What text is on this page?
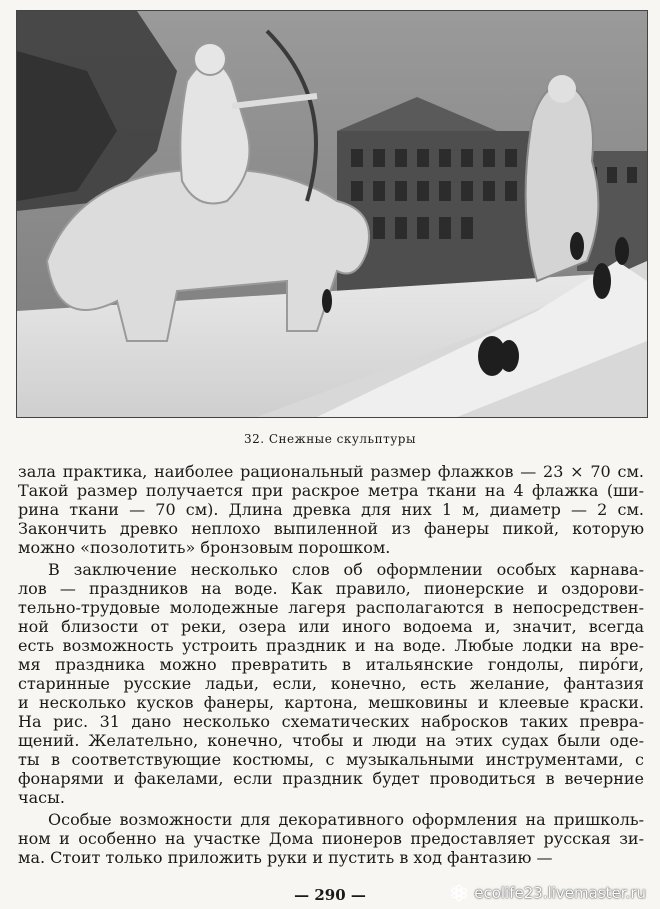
32. Снежные скульптуры
зала практика, наиболее рациональный размер флажков — 23 × 70 см.
Такой размер получается при раскрое метра ткани на 4 флажка (ши-
рина ткани — 70 см). Длина древка для них 1 м, диаметр — 2 см.
Закончить древко неплохо выпиленной из фанеры пикой, которую
можно «позолотить» бронзовым порошком.
В заключение несколько слов об оформлении особых карнава-
лов — праздников на воде. Как правило, пионерские и оздорови-
тельно-трудовые молодежные лагеря располагаются в непосредствен-
ной близости от реки, озера или иного водоема и, значит, всегда
есть возможность устроить праздник и на воде. Любые лодки на вре-
мя праздника можно превратить в итальянские гондолы, пиро́ги,
старинные русские ладьи, если, конечно, есть желание, фантазия
и несколько кусков фанеры, картона, мешковины и клеевые краски.
На рис. 31 дано несколько схематических набросков таких превра-
щений. Желательно, конечно, чтобы и люди на этих судах были оде-
ты в соответствующие костюмы, с музыкальными инструментами, с
фонарями и факелами, если праздник будет проводиться в вечерние
часы.
Особые возможности для декоративного оформления на пришколь-
ном и особенно на участке Дома пионеров предоставляет русская зи-
ма. Стоит только приложить руки и пустить в ход фантазию —
— 290 —	ecolife23.livemaster.ru
